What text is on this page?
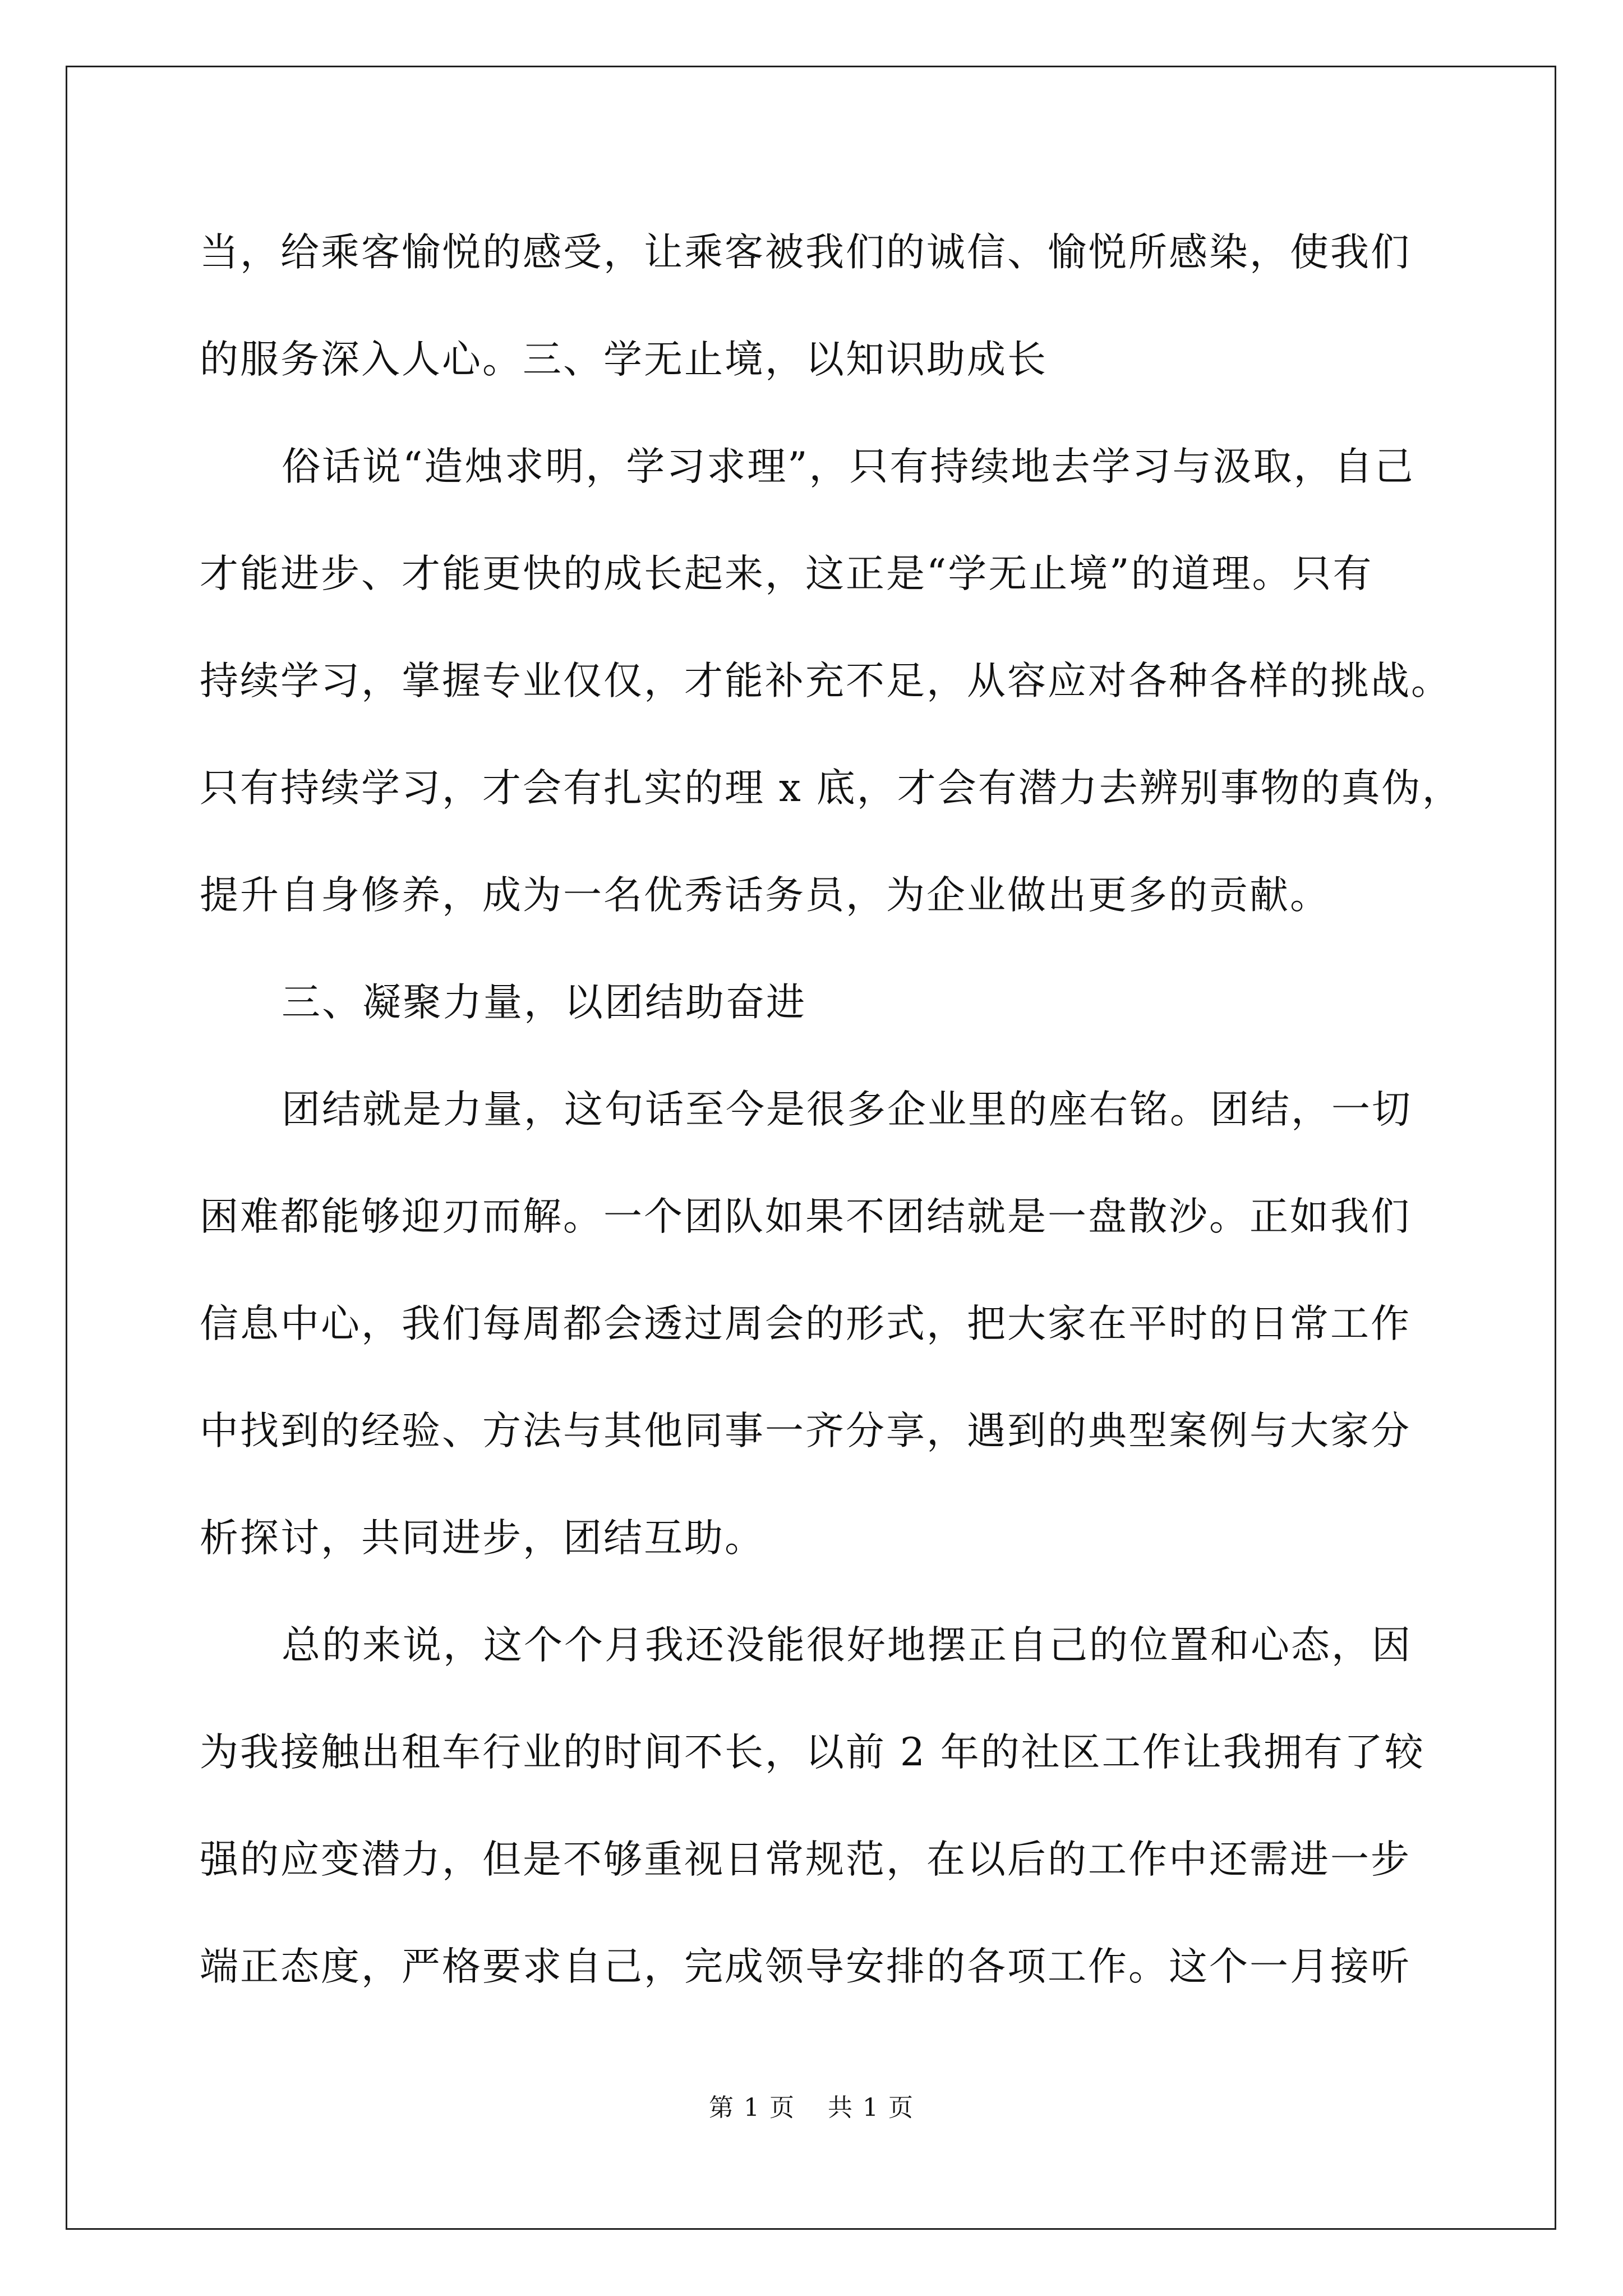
当，给乘客愉悦的感受，让乘客被我们的诚信、愉悦所感染，使我们
的服务深入人心。三、学无止境，以知识助成长
俗话说“造烛求明，学习求理”，只有持续地去学习与汲取，自己
才能进步、才能更快的成长起来，这正是“学无止境”的道理。只有
持续学习，掌握专业仅仅，才能补充不足，从容应对各种各样的挑战。
只有持续学习，才会有扎实的理 x 底，才会有潜力去辨别事物的真伪，
提升自身修养，成为一名优秀话务员，为企业做出更多的贡献。
三、凝聚力量，以团结助奋进
团结就是力量，这句话至今是很多企业里的座右铭。团结，一切
困难都能够迎刃而解。一个团队如果不团结就是一盘散沙。正如我们
信息中心，我们每周都会透过周会的形式，把大家在平时的日常工作
中找到的经验、方法与其他同事一齐分享，遇到的典型案例与大家分
析探讨，共同进步，团结互助。
总的来说，这个个月我还没能很好地摆正自己的位置和心态，因
为我接触出租车行业的时间不长，以前 2 年的社区工作让我拥有了较
强的应变潜力，但是不够重视日常规范，在以后的工作中还需进一步
端正态度，严格要求自己，完成领导安排的各项工作。这个一月接听
第 1 页 共 1 页
